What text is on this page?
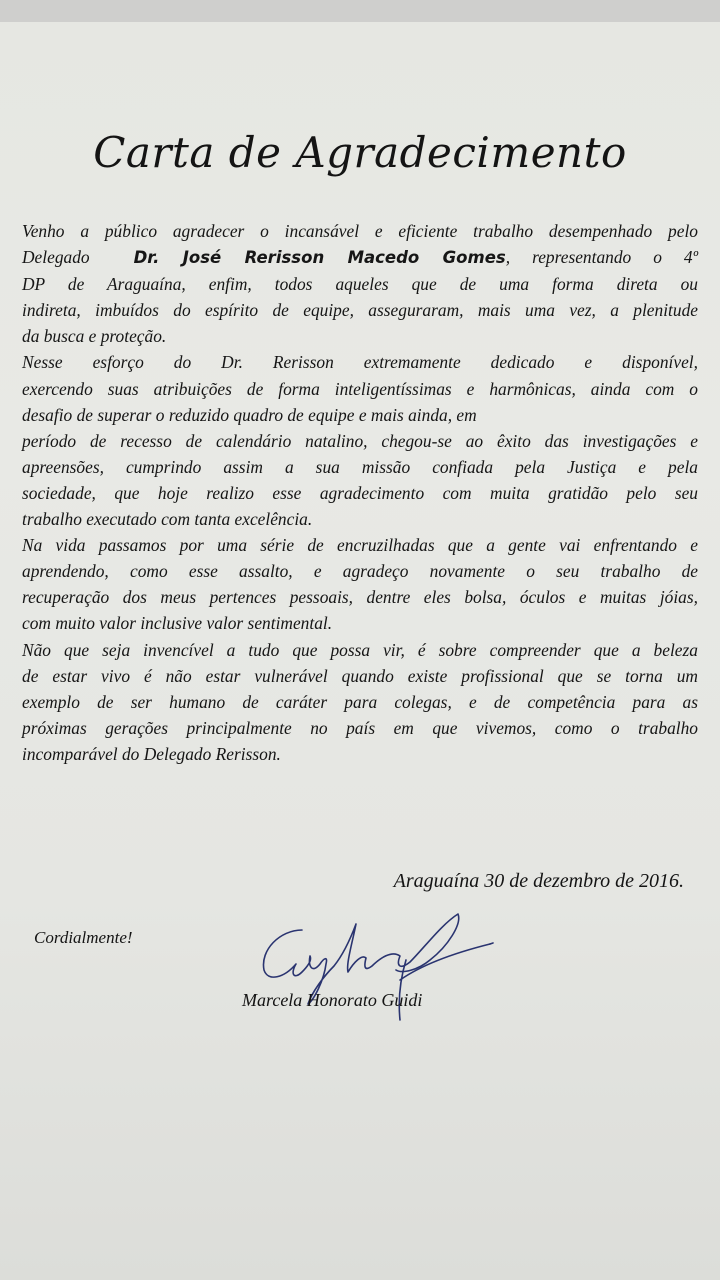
Carta de Agradecimento

Venho a público agradecer o incansável e eficiente trabalho desempenhado pelo
Delegado	Dr. José Rerisson Macedo Gomes, representando o 4º
DP de Araguaína, enfim, todos aqueles que de uma forma direta ou
indireta, imbuídos do espírito de equipe, asseguraram, mais uma vez, a plenitude
da busca e proteção.

Nesse esforço do Dr. Rerisson extremamente dedicado e disponível,
exercendo suas atribuições de forma inteligentíssimas e harmônicas, ainda com o
desafio de superar o reduzido quadro de equipe e mais ainda, em
período de recesso de calendário natalino, chegou-se ao êxito das investigações e
apreensões, cumprindo assim a sua missão confiada pela Justiça e pela
sociedade, que hoje realizo esse agradecimento com muita gratidão pelo seu
trabalho executado com tanta excelência.

Na vida passamos por uma série de encruzilhadas que a gente vai enfrentando e
aprendendo, como esse assalto, e agradeço novamente o seu trabalho de
recuperação dos meus pertences pessoais, dentre eles bolsa, óculos e muitas jóias,
com muito valor inclusive valor sentimental.

Não que seja invencível a tudo que possa vir, é sobre compreender que a beleza
de estar vivo é não estar vulnerável quando existe profissional que se torna um
exemplo de ser humano de caráter para colegas, e de competência para as
próximas gerações principalmente no país em que vivemos, como o trabalho
incomparável do Delegado Rerisson.

Araguaína 30 de dezembro de 2016.
Cordialmente!
Marcela Honorato Guidi
